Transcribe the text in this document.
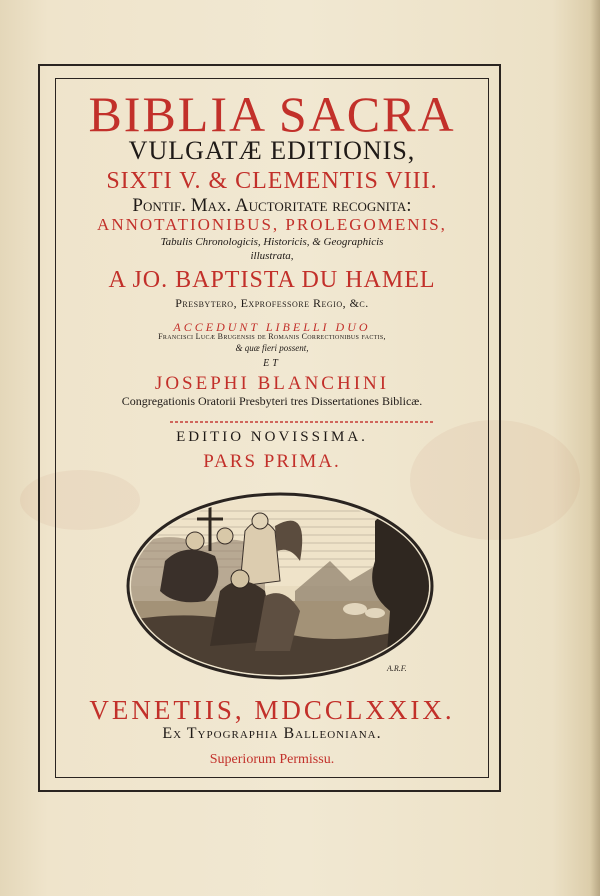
BIBLIA SACRA
VULGATÆ EDITIONIS,
SIXTI V. & CLEMENTIS VIII.
Pontif. Max. Auctoritate recognita:
ANNOTATIONIBUS, PROLEGOMENIS,
Tabulis Chronologicis, Historicis, & Geographicis
illustrata,
A JO. BAPTISTA DU HAMEL
Presbytero, Exprofessore Regio, &c.
ACCEDUNT LIBELLI DUO
Francisci Lucæ Brugensis de Romanis Correctionibus factis,
& quæ fieri possent,
ET
JOSEPHI BLANCHINI
Congregationis Oratorii Presbyteri tres Dissertationes Biblicæ.
EDITIO NOVISSIMA.
PARS PRIMA.
A.R.F.
VENETIIS, MDCCLXXIX.
Ex Typographia Balleoniana.
Superiorum Permissu.
